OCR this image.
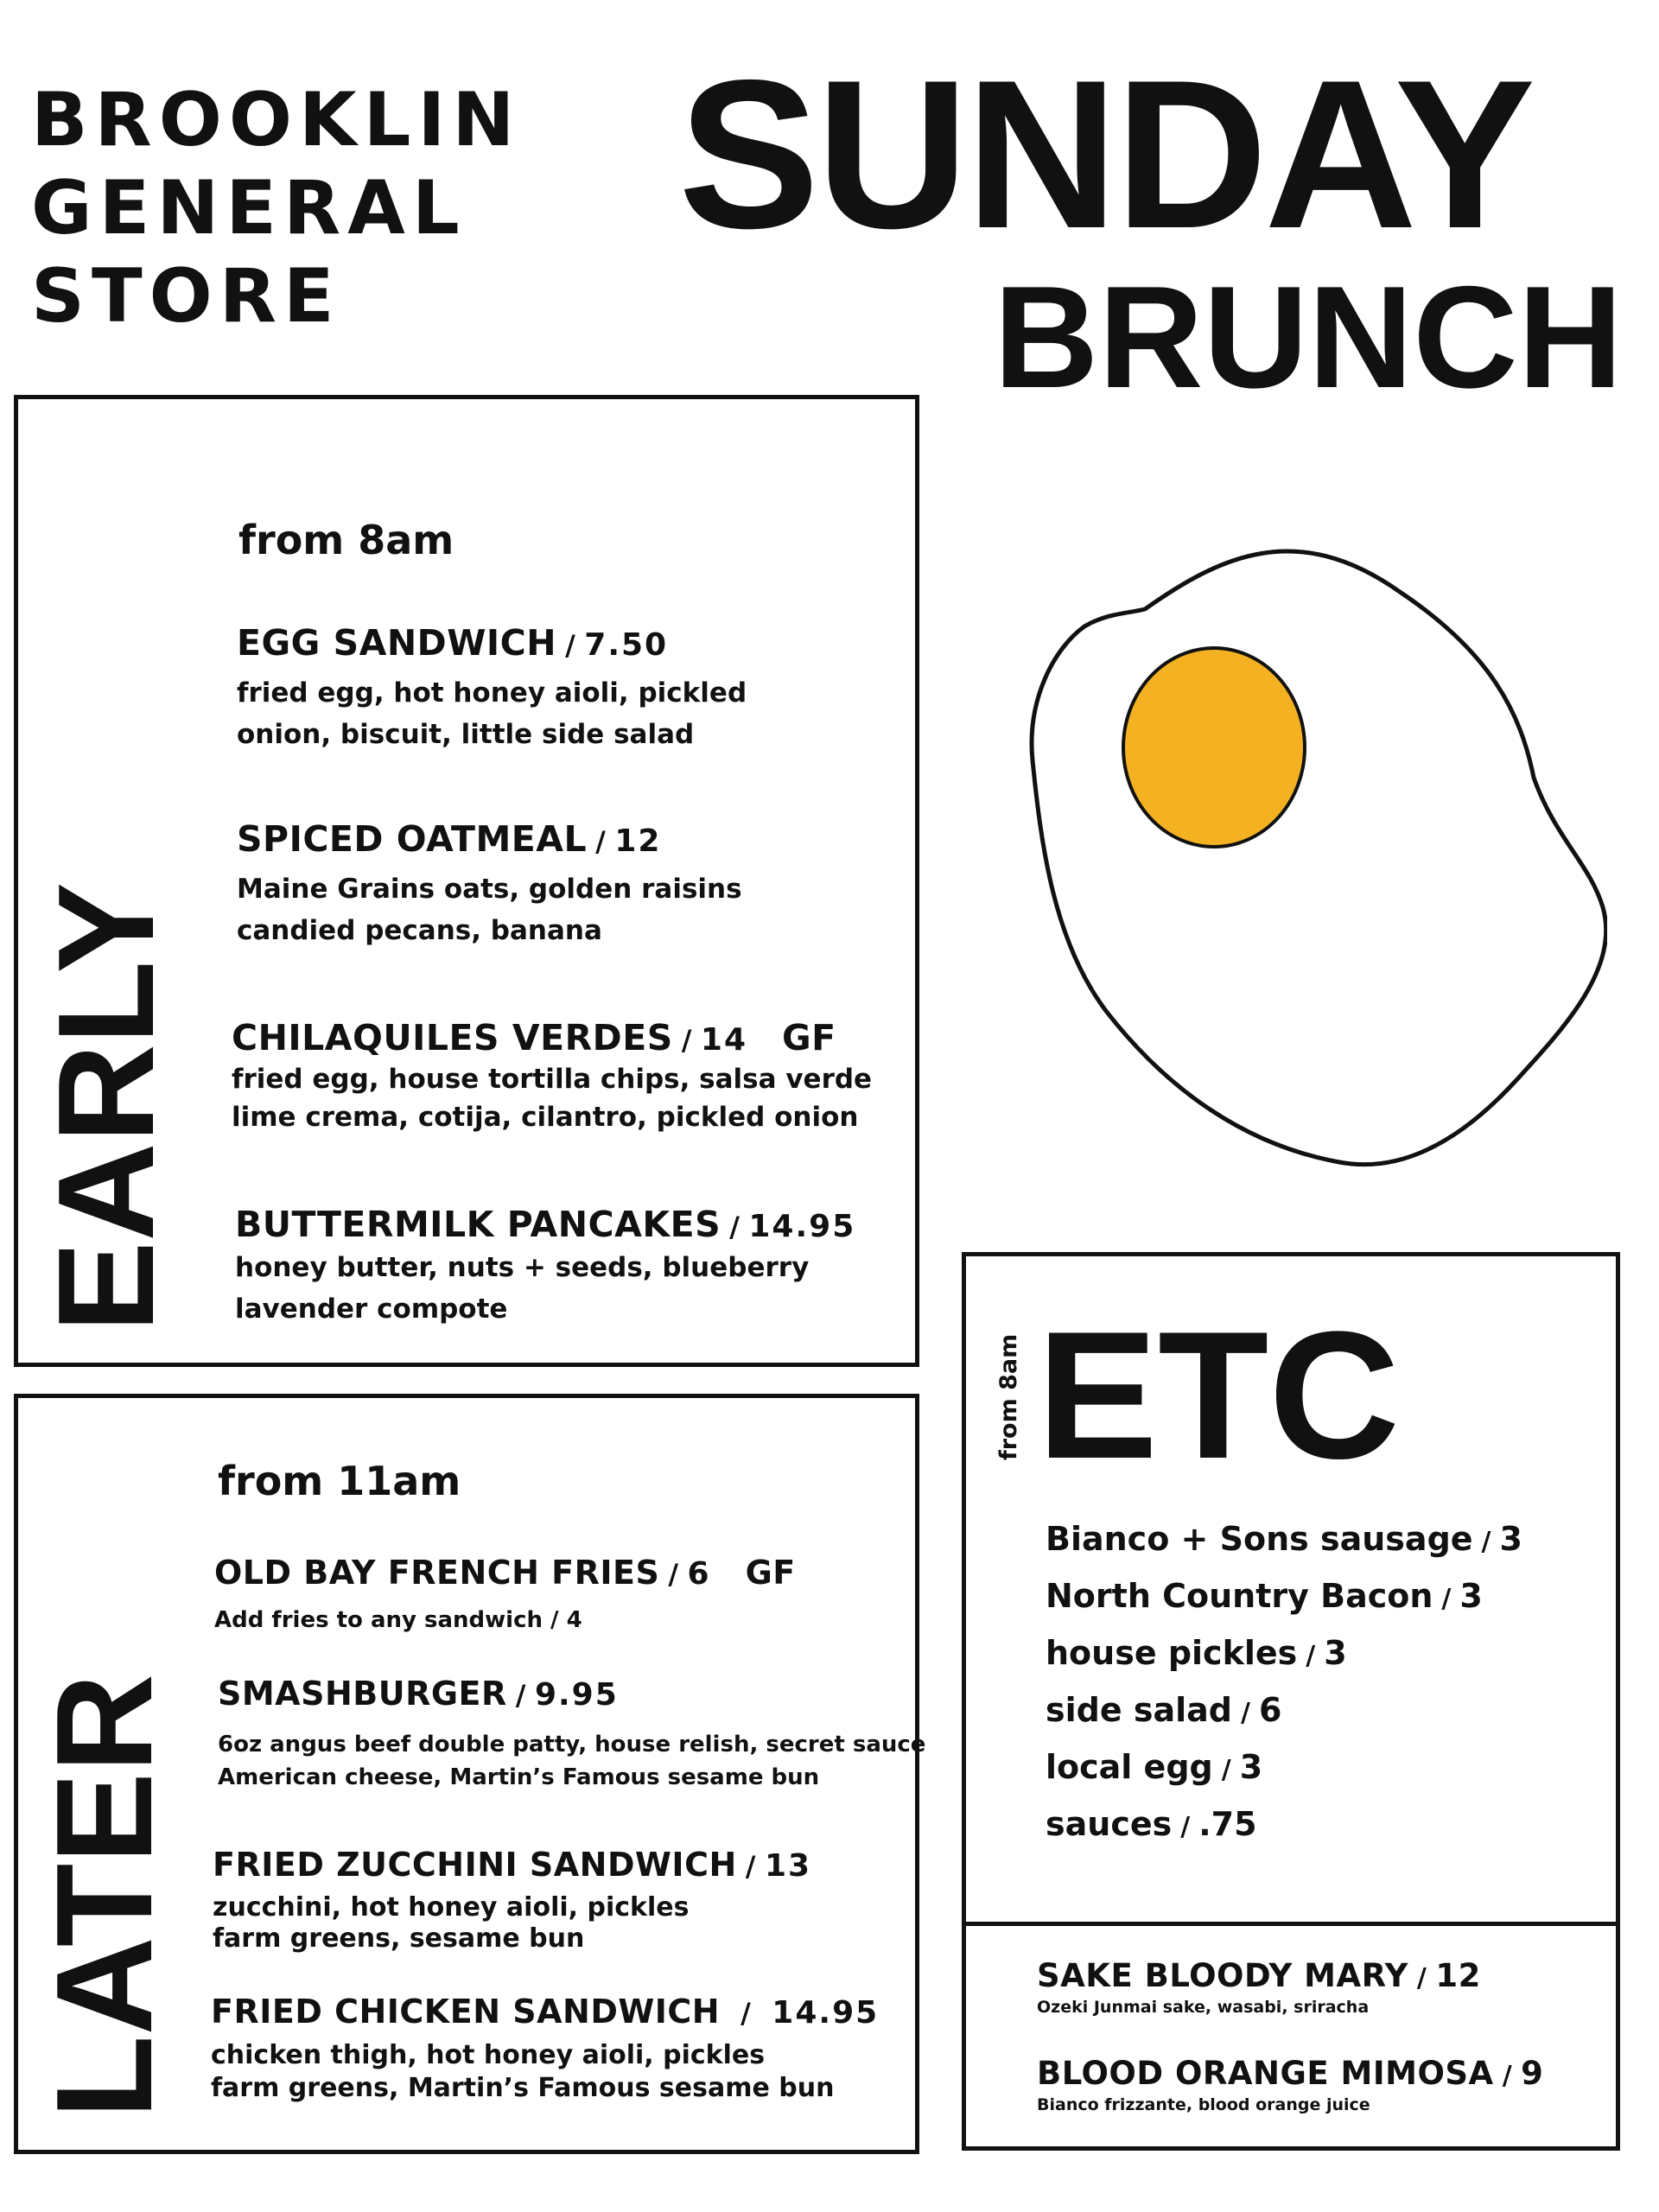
BROOKLIN
GENERAL
STORE
SUNDAY
BRUNCH
EARLY
from 8am
EGG SANDWICH / 7.50
fried egg, hot honey aioli, pickled
onion, biscuit, little side salad
SPICED OATMEAL / 12
Maine Grains oats, golden raisins
candied pecans, banana
CHILAQUILES VERDES / 14 GF
fried egg, house tortilla chips, salsa verde
lime crema, cotija, cilantro, pickled onion
BUTTERMILK PANCAKES / 14.95
honey butter, nuts + seeds, blueberry
lavender compote
LATER
from 11am
OLD BAY FRENCH FRIES / 6 GF
Add fries to any sandwich / 4
SMASHBURGER / 9.95
6oz angus beef double patty, house relish, secret sauce
American cheese, Martin’s Famous sesame bun
FRIED ZUCCHINI SANDWICH / 13
zucchini, hot honey aioli, pickles
farm greens, sesame bun
FRIED CHICKEN SANDWICH / 14.95
chicken thigh, hot honey aioli, pickles
farm greens, Martin’s Famous sesame bun
from 8am ETC
Bianco + Sons sausage / 3
North Country Bacon / 3
house pickles / 3
side salad / 6
local egg / 3
sauces / .75
SAKE BLOODY MARY / 12
Ozeki Junmai sake, wasabi, sriracha
BLOOD ORANGE MIMOSA / 9
Bianco frizzante, blood orange juice
